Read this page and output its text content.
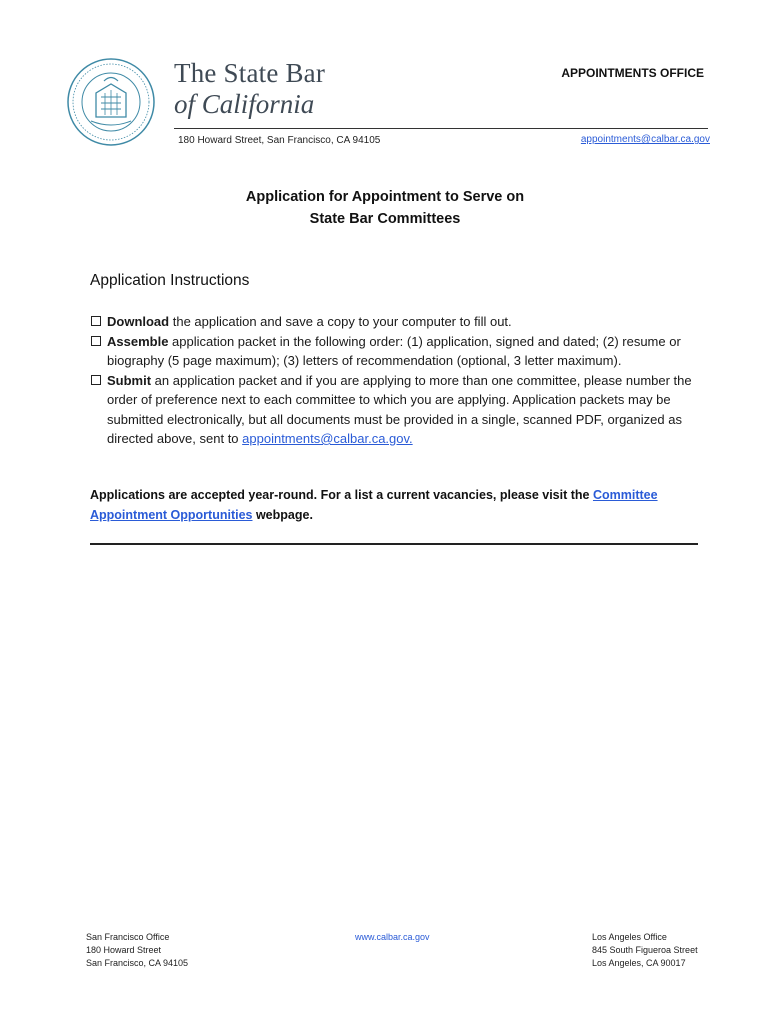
The State Bar
of California
APPOINTMENTS OFFICE
180 Howard Street, San Francisco, CA 94105	appointments@calbar.ca.gov
Application for Appointment to Serve on
State Bar Committees
Application Instructions
Download the application and save a copy to your computer to fill out.
Assemble application packet in the following order: (1) application, signed and dated; (2) resume or biography (5 page maximum); (3) letters of recommendation (optional, 3 letter maximum).
Submit an application packet and if you are applying to more than one committee, please number the order of preference next to each committee to which you are applying. Application packets may be submitted electronically, but all documents must be provided in a single, scanned PDF, organized as directed above, sent to appointments@calbar.ca.gov.
Applications are accepted year-round. For a list a current vacancies, please visit the Committee Appointment Opportunities webpage.
San Francisco Office
180 Howard Street
San Francisco, CA 94105
www.calbar.ca.gov	Los Angeles Office
845 South Figueroa Street
Los Angeles, CA 90017
